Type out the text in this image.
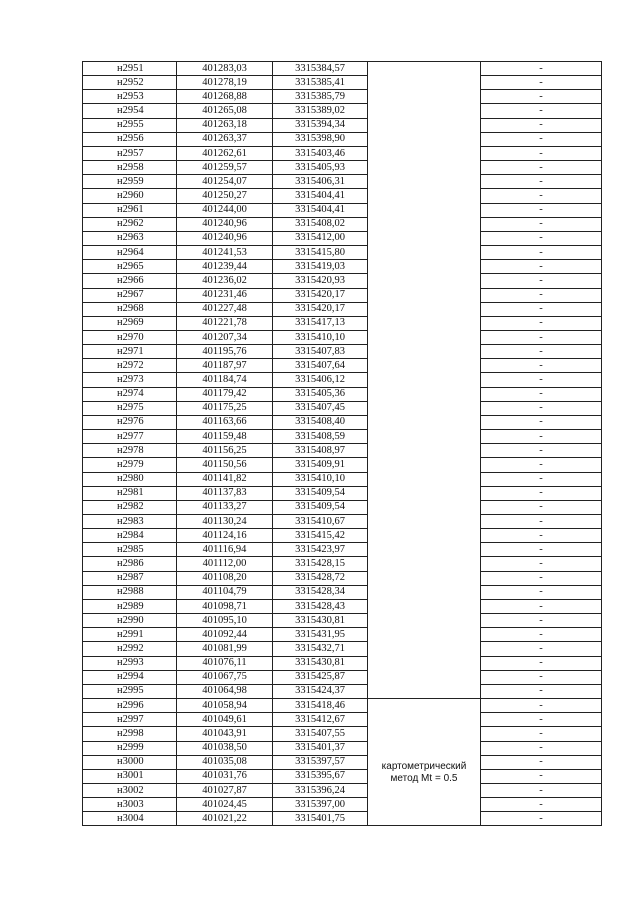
н2951	401283,03	3315384,57		-
н2952	401278,19	3315385,41		-
н2953	401268,88	3315385,79		-
н2954	401265,08	3315389,02		-
н2955	401263,18	3315394,34		-
н2956	401263,37	3315398,90		-
н2957	401262,61	3315403,46		-
н2958	401259,57	3315405,93		-
н2959	401254,07	3315406,31		-
н2960	401250,27	3315404,41		-
н2961	401244,00	3315404,41		-
н2962	401240,96	3315408,02		-
н2963	401240,96	3315412,00		-
н2964	401241,53	3315415,80		-
н2965	401239,44	3315419,03		-
н2966	401236,02	3315420,93		-
н2967	401231,46	3315420,17		-
н2968	401227,48	3315420,17		-
н2969	401221,78	3315417,13		-
н2970	401207,34	3315410,10		-
н2971	401195,76	3315407,83		-
н2972	401187,97	3315407,64		-
н2973	401184,74	3315406,12		-
н2974	401179,42	3315405,36		-
н2975	401175,25	3315407,45		-
н2976	401163,66	3315408,40		-
н2977	401159,48	3315408,59		-
н2978	401156,25	3315408,97		-
н2979	401150,56	3315409,91		-
н2980	401141,82	3315410,10		-
н2981	401137,83	3315409,54		-
н2982	401133,27	3315409,54		-
н2983	401130,24	3315410,67		-
н2984	401124,16	3315415,42		-
н2985	401116,94	3315423,97		-
н2986	401112,00	3315428,15		-
н2987	401108,20	3315428,72		-
н2988	401104,79	3315428,34		-
н2989	401098,71	3315428,43		-
н2990	401095,10	3315430,81		-
н2991	401092,44	3315431,95		-
н2992	401081,99	3315432,71		-
н2993	401076,11	3315430,81		-
н2994	401067,75	3315425,87		-
н2995	401064,98	3315424,37		-
н2996	401058,94	3315418,46	картометрический
метод Mt = 0.5	-
н2997	401049,61	3315412,67		-
н2998	401043,91	3315407,55		-
н2999	401038,50	3315401,37		-
н3000	401035,08	3315397,57		-
н3001	401031,76	3315395,67		-
н3002	401027,87	3315396,24		-
н3003	401024,45	3315397,00		-
н3004	401021,22	3315401,75		-
